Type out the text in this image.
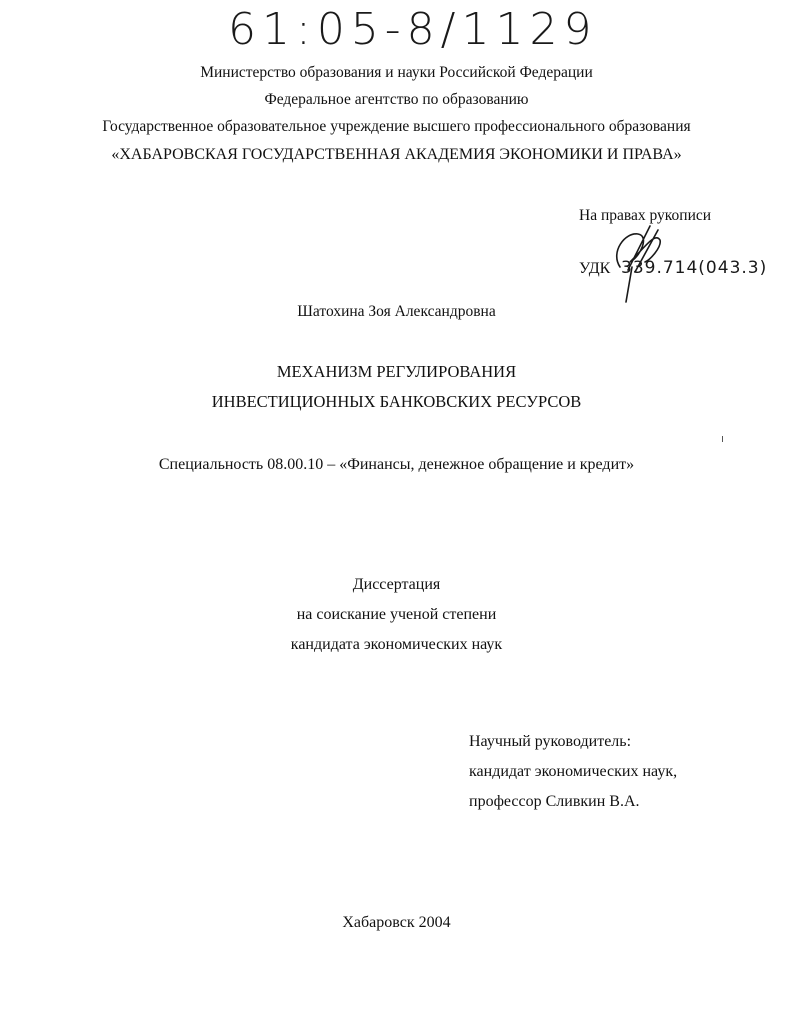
61:05-8/1129
Министерство образования и науки Российской Федерации
Федеральное агентство по образованию
Государственное образовательное учреждение высшего профессионального образования
«ХАБАРОВСКАЯ ГОСУДАРСТВЕННАЯ АКАДЕМИЯ ЭКОНОМИКИ И ПРАВА»
На правах рукописи
УДК 339.714(043.3)
Шатохина Зоя Александровна
МЕХАНИЗМ РЕГУЛИРОВАНИЯ
ИНВЕСТИЦИОННЫХ БАНКОВСКИХ РЕСУРСОВ
Специальность 08.00.10 – «Финансы, денежное обращение и кредит»
Диссертация
на соискание ученой степени
кандидата экономических наук
Научный руководитель:
кандидат экономических наук,
профессор Сливкин В.А.
Хабаровск 2004
